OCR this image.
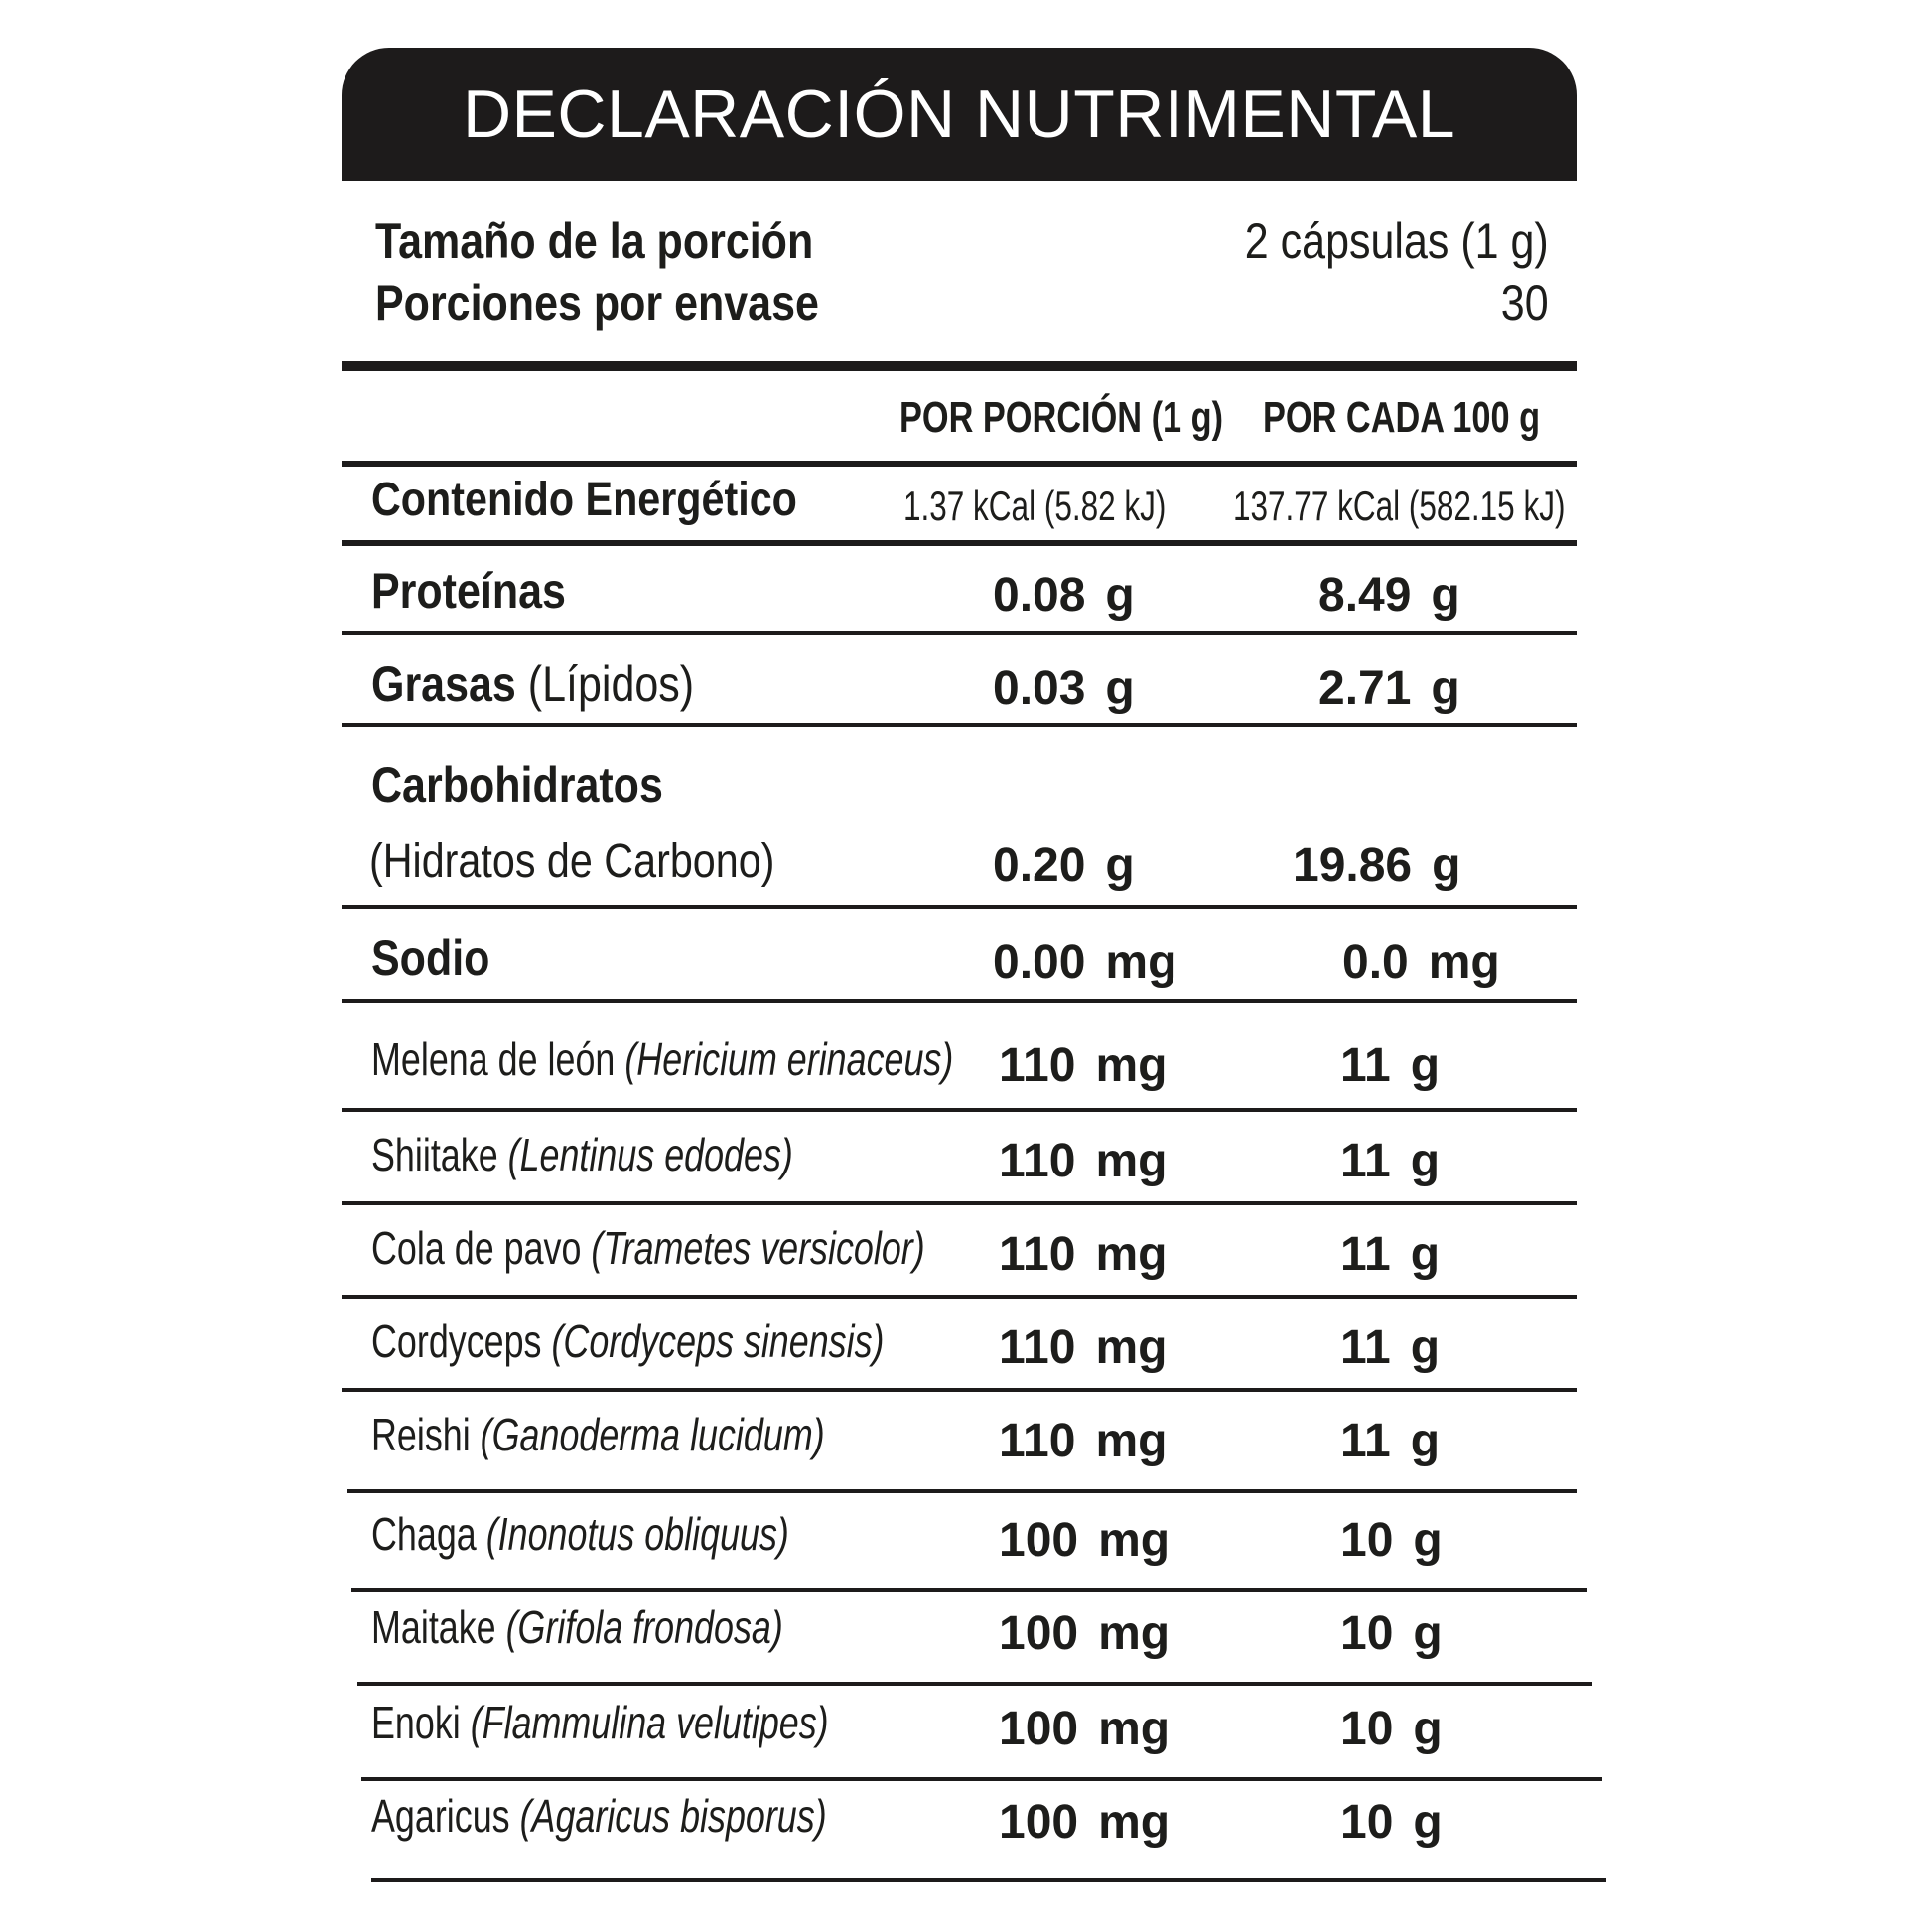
DECLARACIÓN NUTRIMENTAL
Tamaño de la porción	2 cápsulas (1 g)
Porciones por envase	30
POR PORCIÓN (1 g) POR CADA 100 g
Contenido Energético	1.37 kCal (5.82 kJ) 137.77 kCal (582.15 kJ)
Proteínas	0.08 g	8.49 g
Grasas (Lípidos)	0.03 g	2.71 g
Carbohidratos
(Hidratos de Carbono)	0.20 g	19.86 g
Sodio	0.00 mg	0.0 mg
Melena de león (Hericium erinaceus) 110 mg	11 g
Shiitake (Lentinus edodes)	110 mg	11 g
Cola de pavo (Trametes versicolor) 110 mg	11 g
Cordyceps (Cordyceps sinensis) 110 mg	11 g
Reishi (Ganoderma lucidum)	110 mg	11 g
Chaga (Inonotus obliquus)	100 mg	10 g
Maitake (Grifola frondosa)	100 mg	10 g
Enoki (Flammulina velutipes)	100 mg	10 g
Agaricus (Agaricus bisporus)	100 mg	10 g
